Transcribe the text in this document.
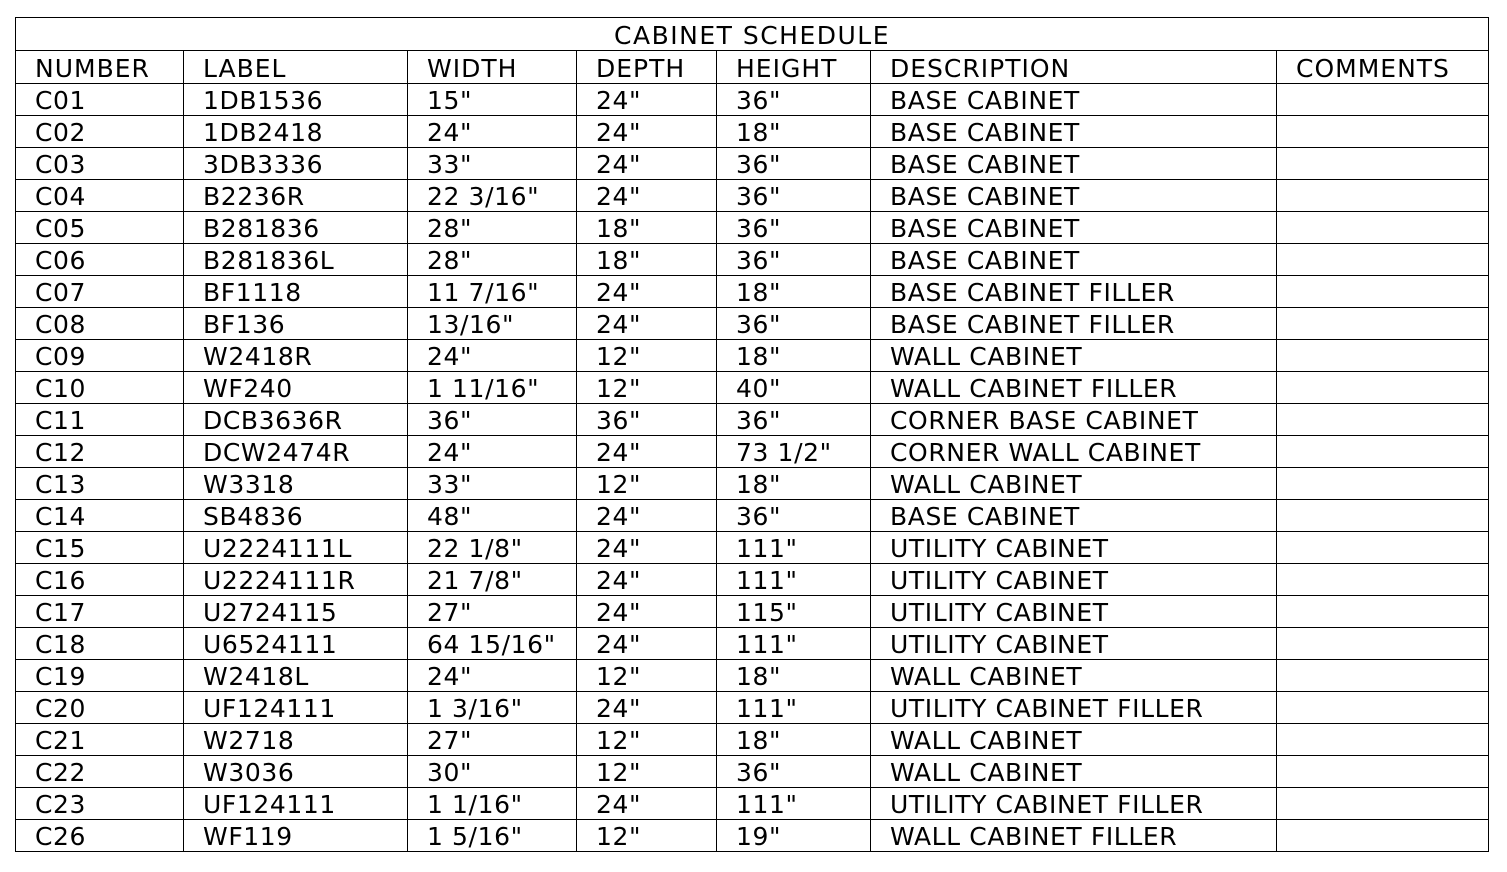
CABINET SCHEDULE						
NUMBER	LABEL	WIDTH	DEPTH	HEIGHT	DESCRIPTION	COMMENTS
C01	1DB1536	15"	24"	36"	BASE CABINET	
C02	1DB2418	24"	24"	18"	BASE CABINET	
C03	3DB3336	33"	24"	36"	BASE CABINET	
C04	B2236R	22 3/16"	24"	36"	BASE CABINET	
C05	B281836	28"	18"	36"	BASE CABINET	
C06	B281836L	28"	18"	36"	BASE CABINET	
C07	BF1118	11 7/16"	24"	18"	BASE CABINET FILLER	
C08	BF136	13/16"	24"	36"	BASE CABINET FILLER	
C09	W2418R	24"	12"	18"	WALL CABINET	
C10	WF240	1 11/16"	12"	40"	WALL CABINET FILLER	
C11	DCB3636R	36"	36"	36"	CORNER BASE CABINET	
C12	DCW2474R	24"	24"	73 1/2"	CORNER WALL CABINET	
C13	W3318	33"	12"	18"	WALL CABINET	
C14	SB4836	48"	24"	36"	BASE CABINET	
C15	U2224111L	22 1/8"	24"	111"	UTILITY CABINET	
C16	U2224111R	21 7/8"	24"	111"	UTILITY CABINET	
C17	U2724115	27"	24"	115"	UTILITY CABINET	
C18	U6524111	64 15/16"	24"	111"	UTILITY CABINET	
C19	W2418L	24"	12"	18"	WALL CABINET	
C20	UF124111	1 3/16"	24"	111"	UTILITY CABINET FILLER	
C21	W2718	27"	12"	18"	WALL CABINET	
C22	W3036	30"	12"	36"	WALL CABINET	
C23	UF124111	1 1/16"	24"	111"	UTILITY CABINET FILLER	
C26	WF119	1 5/16"	12"	19"	WALL CABINET FILLER	
